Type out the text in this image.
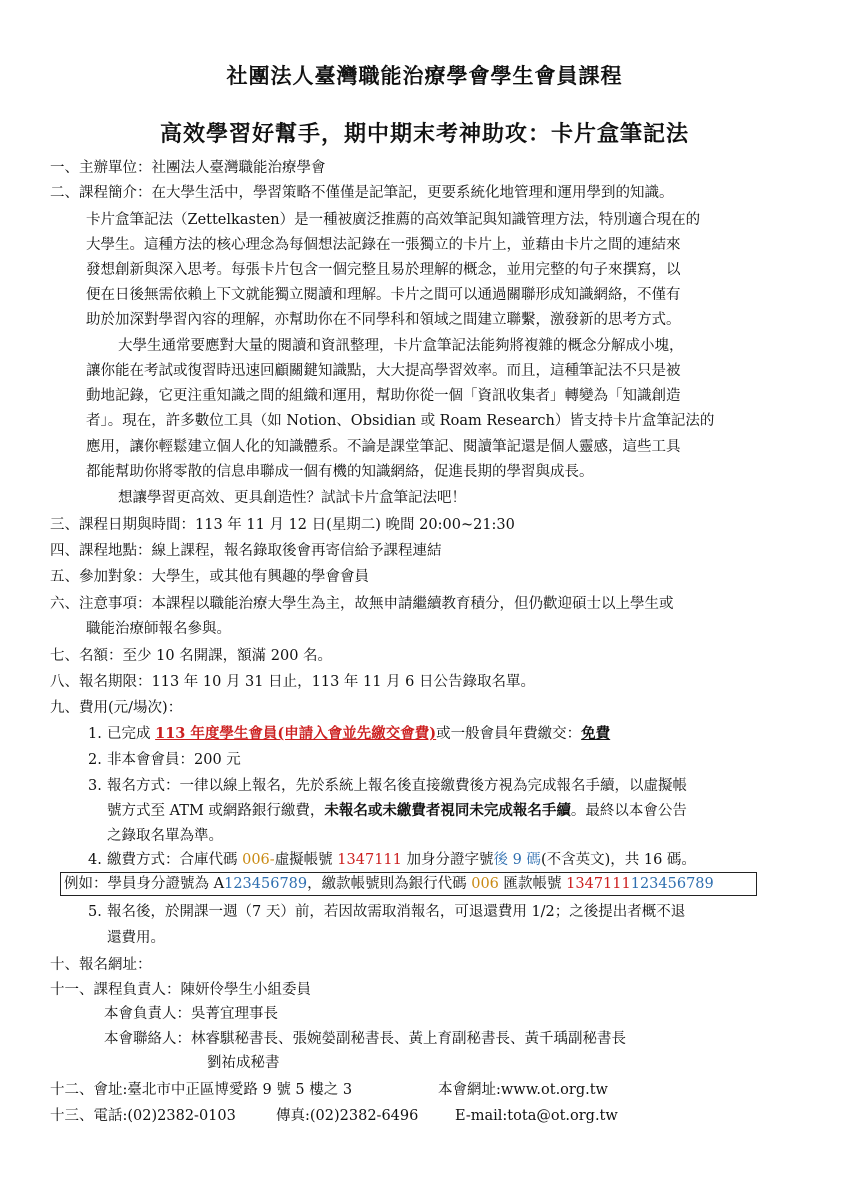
社團法人臺灣職能治療學會學生會員課程
高效學習好幫手，期中期末考神助攻：卡片盒筆記法
一、主辦單位：社團法人臺灣職能治療學會
二、課程簡介：在大學生活中，學習策略不僅僅是記筆記，更要系統化地管理和運用學到的知識。
卡片盒筆記法（Zettelkasten）是一種被廣泛推薦的高效筆記與知識管理方法，特別適合現在的
大學生。這種方法的核心理念為每個想法記錄在一張獨立的卡片上，並藉由卡片之間的連結來
發想創新與深入思考。每張卡片包含一個完整且易於理解的概念，並用完整的句子來撰寫，以
便在日後無需依賴上下文就能獨立閱讀和理解。卡片之間可以通過關聯形成知識網絡，不僅有
助於加深對學習內容的理解，亦幫助你在不同學科和領域之間建立聯繫，激發新的思考方式。
大學生通常要應對大量的閱讀和資訊整理，卡片盒筆記法能夠將複雜的概念分解成小塊，
讓你能在考試或復習時迅速回顧關鍵知識點，大大提高學習效率。而且，這種筆記法不只是被
動地記錄，它更注重知識之間的組織和運用，幫助你從一個「資訊收集者」轉變為「知識創造
者」。現在，許多數位工具（如 Notion、Obsidian 或 Roam Research）皆支持卡片盒筆記法的
應用，讓你輕鬆建立個人化的知識體系。不論是課堂筆記、閱讀筆記還是個人靈感，這些工具
都能幫助你將零散的信息串聯成一個有機的知識網絡，促進長期的學習與成長。
想讓學習更高效、更具創造性？試試卡片盒筆記法吧！
三、課程日期與時間：113 年 11 月 12 日(星期二) 晚間 20:00~21:30
四、課程地點：線上課程，報名錄取後會再寄信給予課程連結
五、參加對象：大學生，或其他有興趣的學會會員
六、注意事項：本課程以職能治療大學生為主，故無申請繼續教育積分，但仍歡迎碩士以上學生或
職能治療師報名參與。
七、名額：至少 10 名開課，額滿 200 名。
八、報名期限：113 年 10 月 31 日止，113 年 11 月 6 日公告錄取名單。
九、費用(元/場次)：
1. 已完成 113 年度學生會員(申請入會並先繳交會費)或一般會員年費繳交：免費
2. 非本會會員：200 元
3. 報名方式：一律以線上報名，先於系統上報名後直接繳費後方視為完成報名手續，以虛擬帳
號方式至 ATM 或網路銀行繳費，未報名或未繳費者視同未完成報名手續。最終以本會公告
之錄取名單為準。
4. 繳費方式：合庫代碼 006-虛擬帳號 1347111 加身分證字號後 9 碼(不含英文)，共 16 碼。
例如：學員身分證號為 A123456789，繳款帳號則為銀行代碼 006 匯款帳號 1347111123456789
5. 報名後，於開課一週（7 天）前，若因故需取消報名，可退還費用 1/2；之後提出者概不退
還費用。
十、報名網址：
十一、課程負責人：陳妍伶學生小組委員
本會負責人：吳菁宜理事長
本會聯絡人：林睿騏秘書長、張婉嫈副秘書長、黃上育副秘書長、黃千瑀副秘書長
劉祐成秘書
十二、會址:臺北市中正區博愛路 9 號 5 樓之 3	本會網址:www.ot.org.tw
十三、電話:(02)2382-0103	傳真:(02)2382-6496	E-mail:tota@ot.org.tw
